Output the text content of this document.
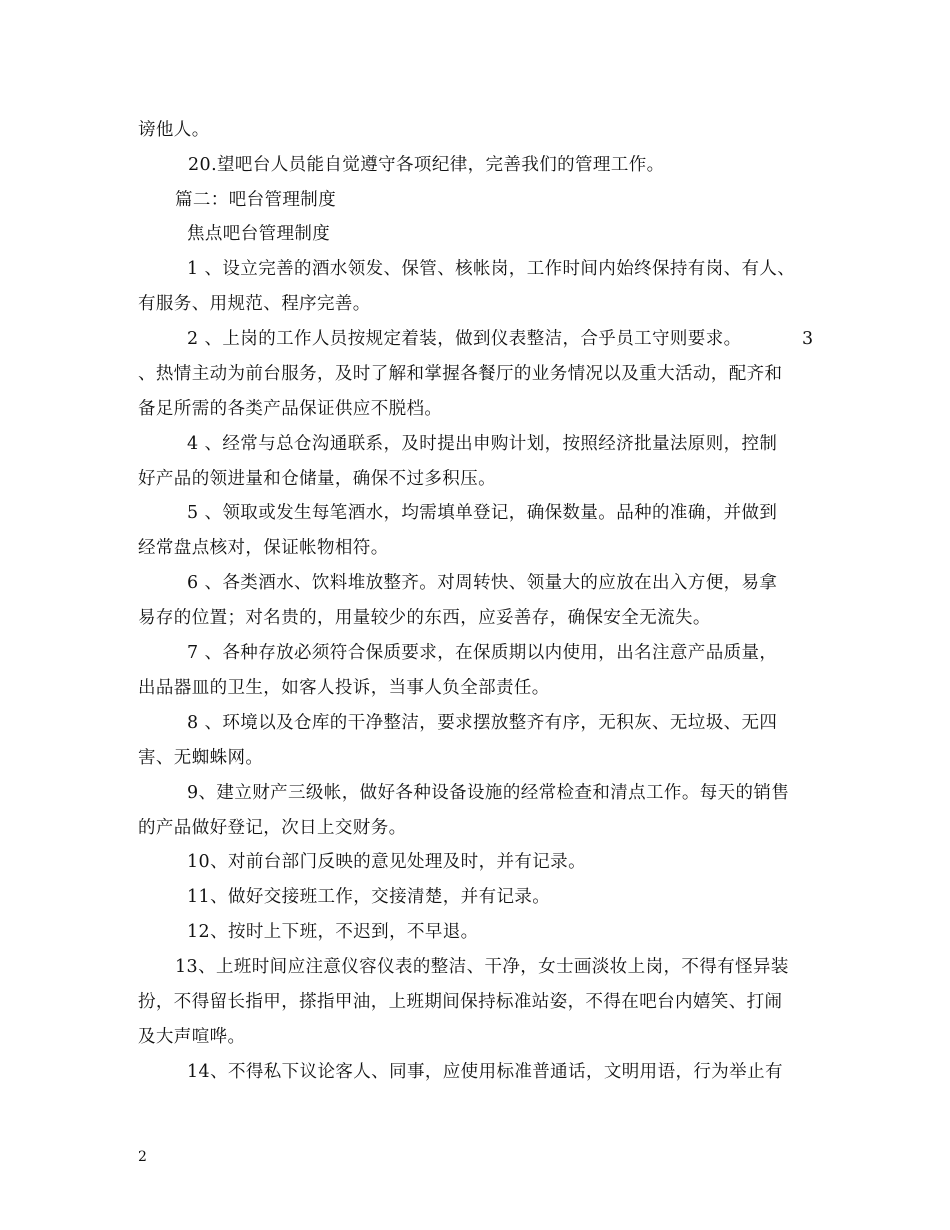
谤他人。
20.望吧台人员能自觉遵守各项纪律，完善我们的管理工作。
篇二：吧台管理制度
焦点吧台管理制度
1 、设立完善的酒水领发、保管、核帐岗，工作时间内始终保持有岗、有人、
有服务、用规范、程序完善。
2 、上岗的工作人员按规定着装，做到仪表整洁，合乎员工守则要求。	3
、热情主动为前台服务，及时了解和掌握各餐厅的业务情况以及重大活动，配齐和
备足所需的各类产品保证供应不脱档。
4 、经常与总仓沟通联系，及时提出申购计划，按照经济批量法原则，控制
好产品的领进量和仓储量，确保不过多积压。
5 、领取或发生每笔酒水，均需填单登记，确保数量。品种的准确，并做到
经常盘点核对，保证帐物相符。
6 、各类酒水、饮料堆放整齐。对周转快、领量大的应放在出入方便，易拿
易存的位置；对名贵的，用量较少的东西，应妥善存，确保安全无流失。
7 、各种存放必须符合保质要求，在保质期以内使用，出名注意产品质量，
出品器皿的卫生，如客人投诉，当事人负全部责任。
8 、环境以及仓库的干净整洁，要求摆放整齐有序，无积灰、无垃圾、无四
害、无蜘蛛网。
9、建立财产三级帐，做好各种设备设施的经常检查和清点工作。每天的销售
的产品做好登记，次日上交财务。
10、对前台部门反映的意见处理及时，并有记录。
11、做好交接班工作，交接清楚，并有记录。
12、按时上下班，不迟到，不早退。
13、上班时间应注意仪容仪表的整洁、干净，女士画淡妆上岗，不得有怪异装
扮，不得留长指甲，搽指甲油，上班期间保持标准站姿，不得在吧台内嬉笑、打闹
及大声喧哗。
14、不得私下议论客人、同事，应使用标准普通话，文明用语，行为举止有
2
